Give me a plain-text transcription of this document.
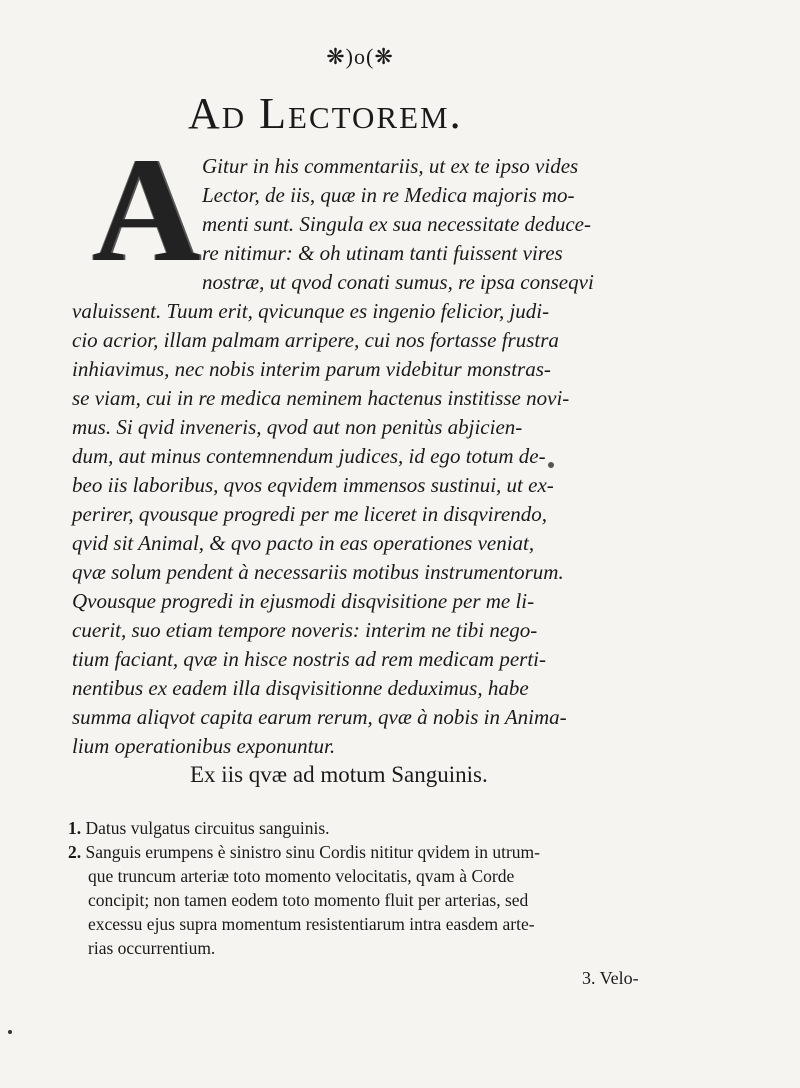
❋)o(❋
Ad Lectorem.
A Gitur in his commentariis, ut ex te ipso vides
Lector, de iis, quæ in re Medica majoris mo-
menti sunt. Singula ex sua necessitate deduce-
re nitimur: & oh utinam tanti fuissent vires
nostræ, ut qvod conati sumus, re ipsa conseqvi
valuissent. Tuum erit, qvicunque es ingenio felicior, judi-
cio acrior, illam palmam arripere, cui nos fortasse frustra
inhiavimus, nec nobis interim parum videbitur monstras-
se viam, cui in re medica neminem hactenus institisse novi-
mus. Si qvid inveneris, qvod aut non penitùs abjicien-
dum, aut minus contemnendum judices, id ego totum de-
beo iis laboribus, qvos eqvidem immensos sustinui, ut ex-
perirer, qvousque progredi per me liceret in disqvirendo,
qvid sit Animal, & qvo pacto in eas operationes veniat,
qvæ solum pendent à necessariis motibus instrumentorum.
Qvousque progredi in ejusmodi disqvisitione per me li-
cuerit, suo etiam tempore noveris: interim ne tibi nego-
tium faciant, qvæ in hisce nostris ad rem medicam perti-
nentibus ex eadem illa disqvisitionne deduximus, habe
summa aliqvot capita earum rerum, qvæ à nobis in Anima-
lium operationibus exponuntur.
Ex iis qvæ ad motum Sanguinis.
1. Datus vulgatus circuitus sanguinis.
2. Sanguis erumpens è sinistro sinu Cordis nititur qvidem in utrum-
que truncum arteriæ toto momento velocitatis, qvam à Corde
concipit; non tamen eodem toto momento fluit per arterias, sed
excessu ejus supra momentum resistentiarum intra easdem arte-
rias occurrentium.
3. Velo-
